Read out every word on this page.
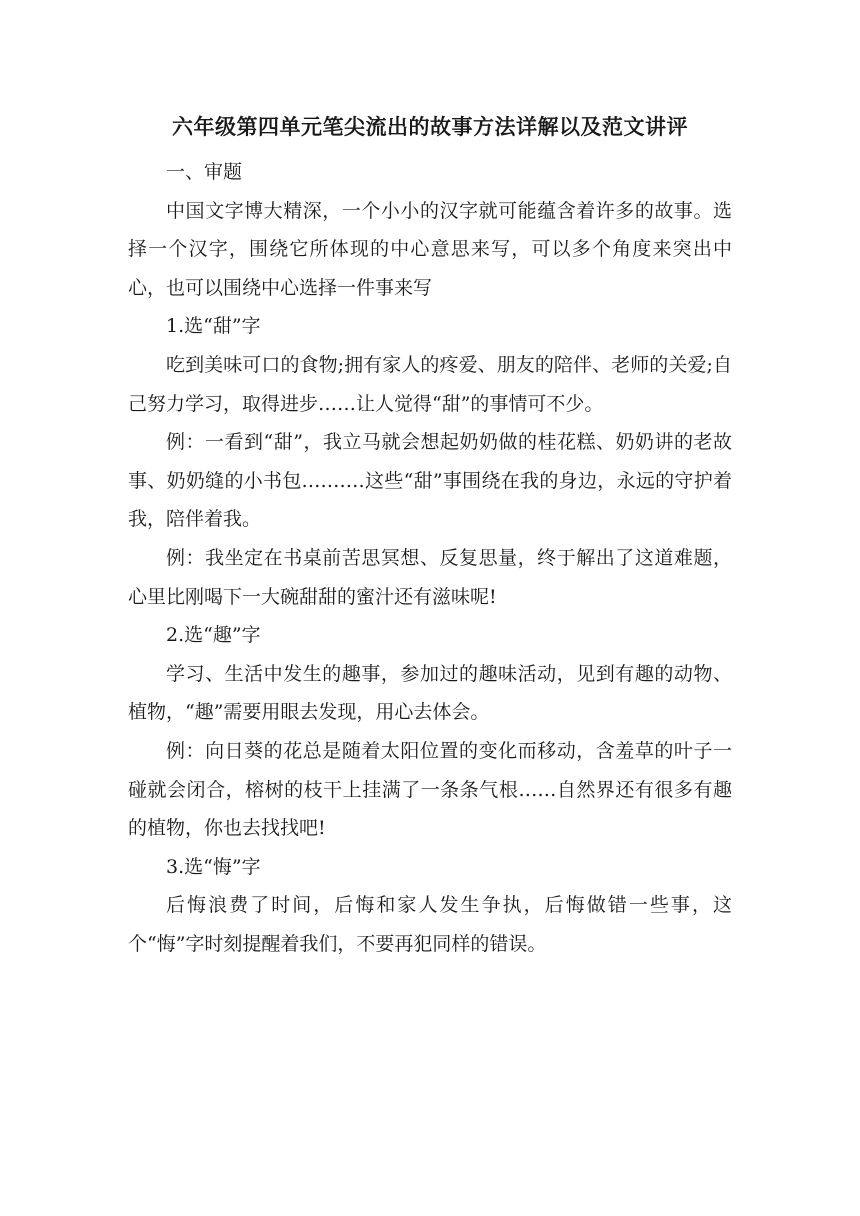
六年级第四单元笔尖流出的故事方法详解以及范文讲评

一、审题

中国文字博大精深，一个小小的汉字就可能蕴含着许多的故事。选择一个汉字，围绕它所体现的中心意思来写，可以多个角度来突出中心，也可以围绕中心选择一件事来写

1.选“甜”字

吃到美味可口的食物;拥有家人的疼爱、朋友的陪伴、老师的关爱;自己努力学习，取得进步……让人觉得“甜”的事情可不少。

例：一看到“甜”，我立马就会想起奶奶做的桂花糕、奶奶讲的老故事、奶奶缝的小书包.………这些“甜”事围绕在我的身边，永远的守护着我，陪伴着我。

例：我坐定在书桌前苦思冥想、反复思量，终于解出了这道难题，心里比刚喝下一大碗甜甜的蜜汁还有滋味呢!

2.选“趣”字

学习、生活中发生的趣事，参加过的趣味活动，见到有趣的动物、植物，“趣”需要用眼去发现，用心去体会。

例：向日葵的花总是随着太阳位置的变化而移动，含羞草的叶子一碰就会闭合，榕树的枝干上挂满了一条条气根……自然界还有很多有趣的植物，你也去找找吧!

3.选“悔”字

后悔浪费了时间，后悔和家人发生争执，后悔做错一些事，这个“悔”字时刻提醒着我们，不要再犯同样的错误。
